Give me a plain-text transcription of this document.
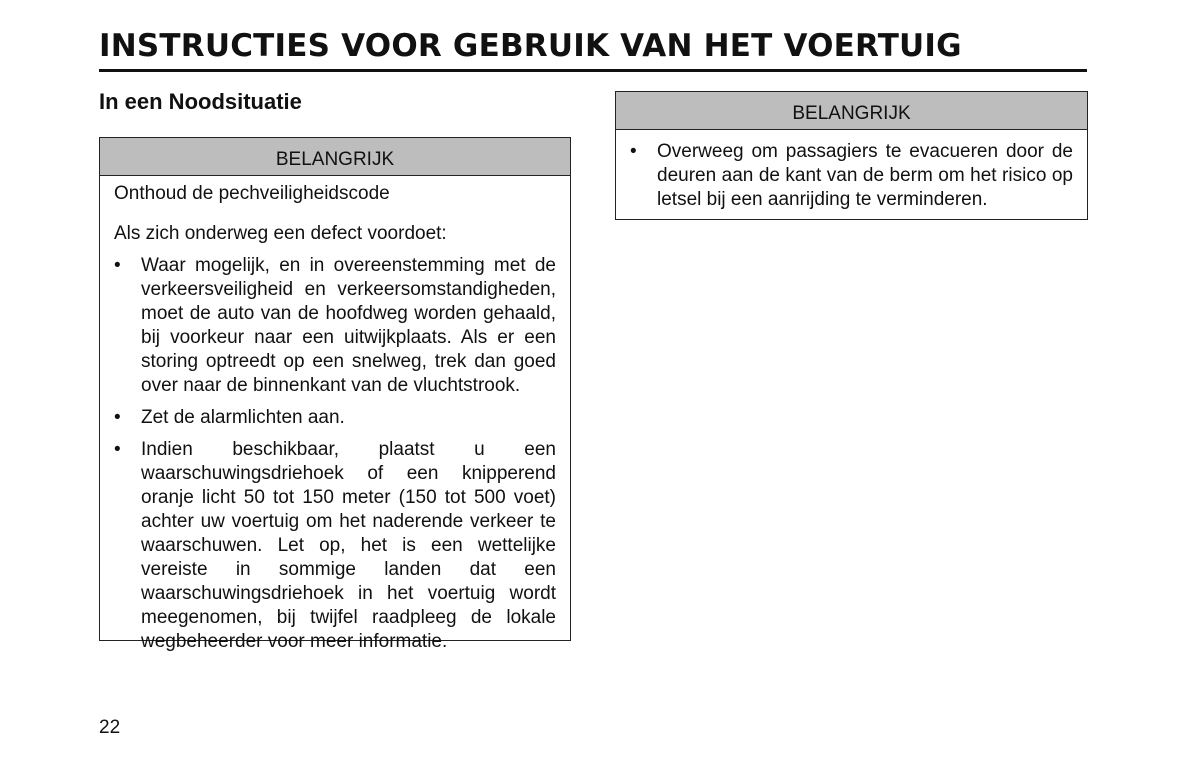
INSTRUCTIES VOOR GEBRUIK VAN HET VOERTUIG
In een Noodsituatie
BELANGRIJK

Onthoud de pechveiligheidscode

Als zich onderweg een defect voordoet:

•	Waar mogelijk, en in overeenstemming met de verkeersveiligheid en verkeersomstandigheden, moet de auto van de hoofdweg worden gehaald, bij voorkeur naar een uitwijkplaats. Als er een storing optreedt op een snelweg, trek dan goed over naar de binnenkant van de vluchtstrook.
•	Zet de alarmlichten aan.
•	Indien beschikbaar, plaatst u een waarschuwingsdriehoek of een knipperend oranje licht 50 tot 150 meter (150 tot 500 voet) achter uw voertuig om het naderende verkeer te waarschuwen. Let op, het is een wettelijke vereiste in sommige landen dat een waarschuwingsdriehoek in het voertuig wordt meegenomen, bij twijfel raadpleeg de lokale wegbeheerder voor meer informatie.
BELANGRIJK
•	Overweeg om passagiers te evacueren door de deuren aan de kant van de berm om het risico op letsel bij een aanrijding te verminderen.

22
